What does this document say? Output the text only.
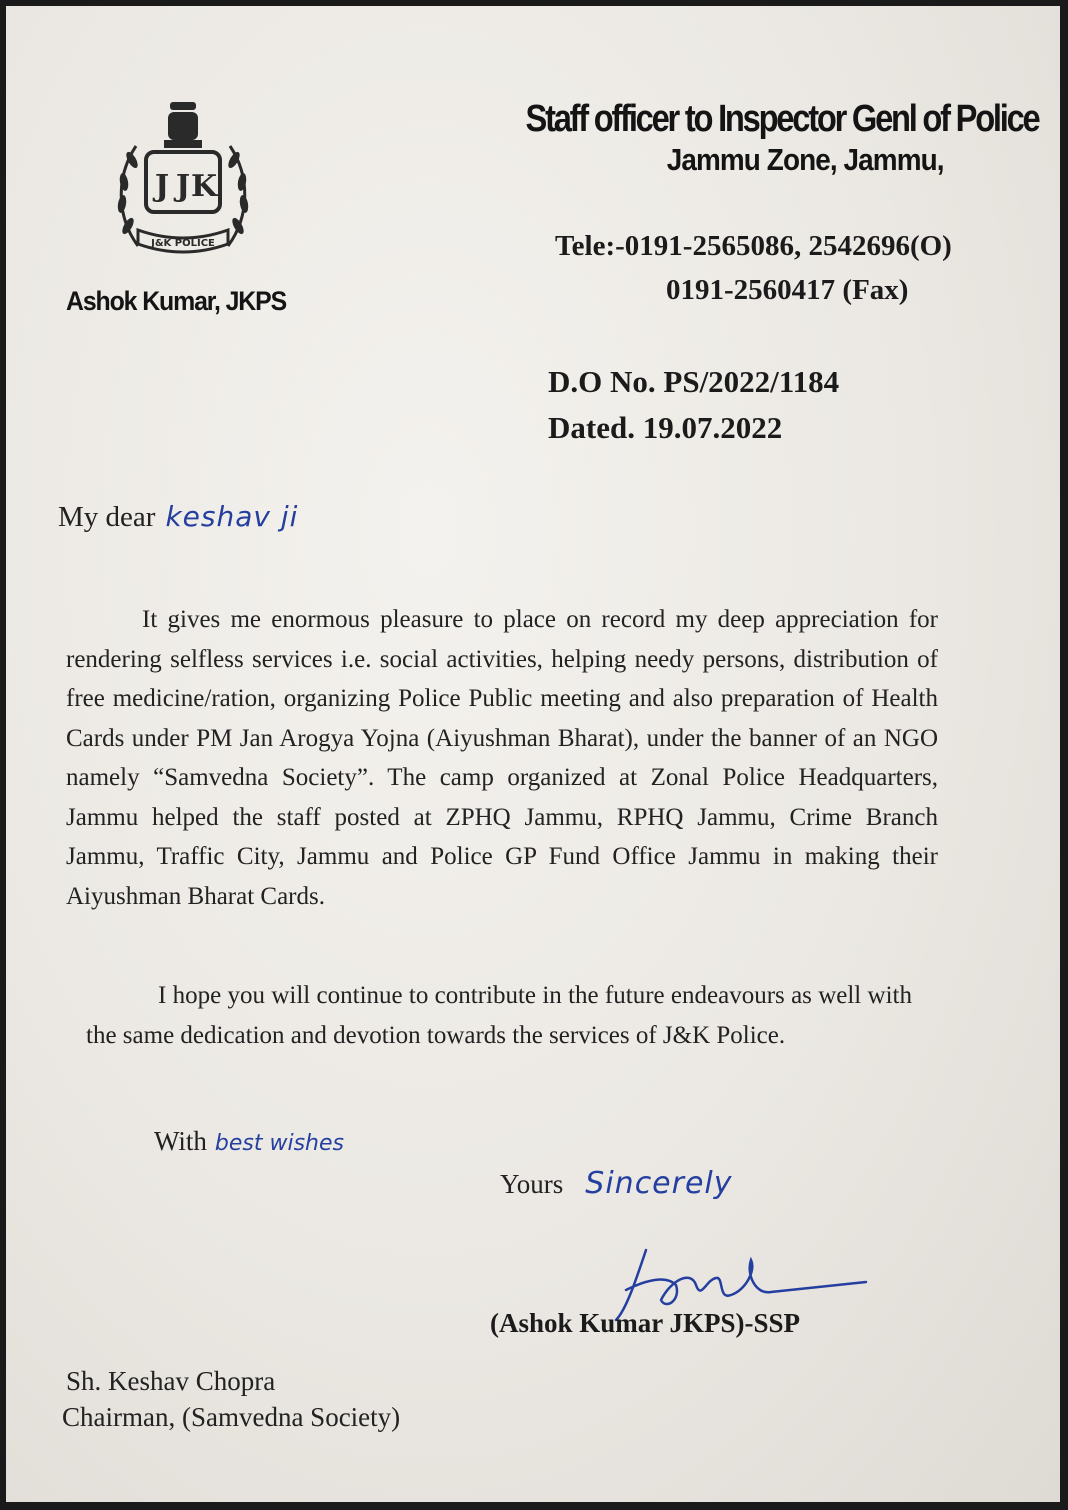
J
J K
J&K POLICE

Ashok Kumar, JKPS

Staff officer to Inspector Genl of Police

Jammu Zone, Jammu,

Tele:-0191-2565086, 2542696(O)

0191-2560417 (Fax)

D.O No. PS/2022/1184

Dated. 19.07.2022

My dear keshav ji

It gives me enormous pleasure to place on record my deep appreciation for rendering selfless services i.e. social activities, helping needy persons, distribution of free medicine/ration, organizing Police Public meeting and also preparation of Health Cards under PM Jan Arogya Yojna (Aiyushman Bharat), under the banner of an NGO namely “Samvedna Society”. The camp organized at Zonal Police Headquarters, Jammu helped the staff posted at ZPHQ Jammu, RPHQ Jammu, Crime Branch Jammu, Traffic City, Jammu and Police GP Fund Office Jammu in making their Aiyushman Bharat Cards.

I hope you will continue to contribute in the future endeavours as well with the same dedication and devotion towards the services of J&K Police.

With best wishes

Yours Sincerely

(Ashok Kumar JKPS)-SSP

Sh. Keshav Chopra

Chairman, (Samvedna Society)
